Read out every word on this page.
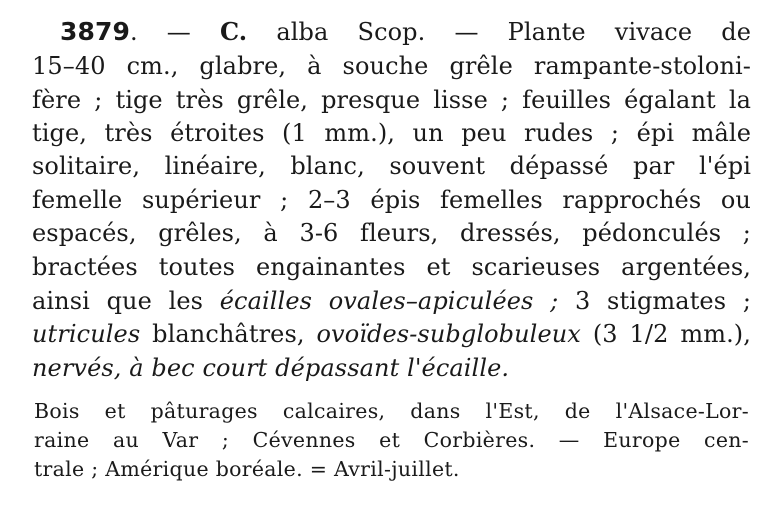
3879. — C. alba Scop. — Plante vivace de
15–40 cm., glabre, à souche grêle rampante-stoloni-
fère ; tige très grêle, presque lisse ; feuilles égalant la
tige, très étroites (1 mm.), un peu rudes ; épi mâle
solitaire, linéaire, blanc, souvent dépassé par l'épi
femelle supérieur ; 2–3 épis femelles rapprochés ou
espacés, grêles, à 3-6 fleurs, dressés, pédonculés ;
bractées toutes engainantes et scarieuses argentées,
ainsi que les écailles ovales–apiculées ; 3 stigmates ;
utricules blanchâtres, ovoïdes-subglobuleux (3 1/2 mm.),
nervés, à bec court dépassant l'écaille.
Bois et pâturages calcaires, dans l'Est, de l'Alsace-Lor-
raine au Var ; Cévennes et Corbières. — Europe cen-
trale ; Amérique boréale. = Avril-juillet.
